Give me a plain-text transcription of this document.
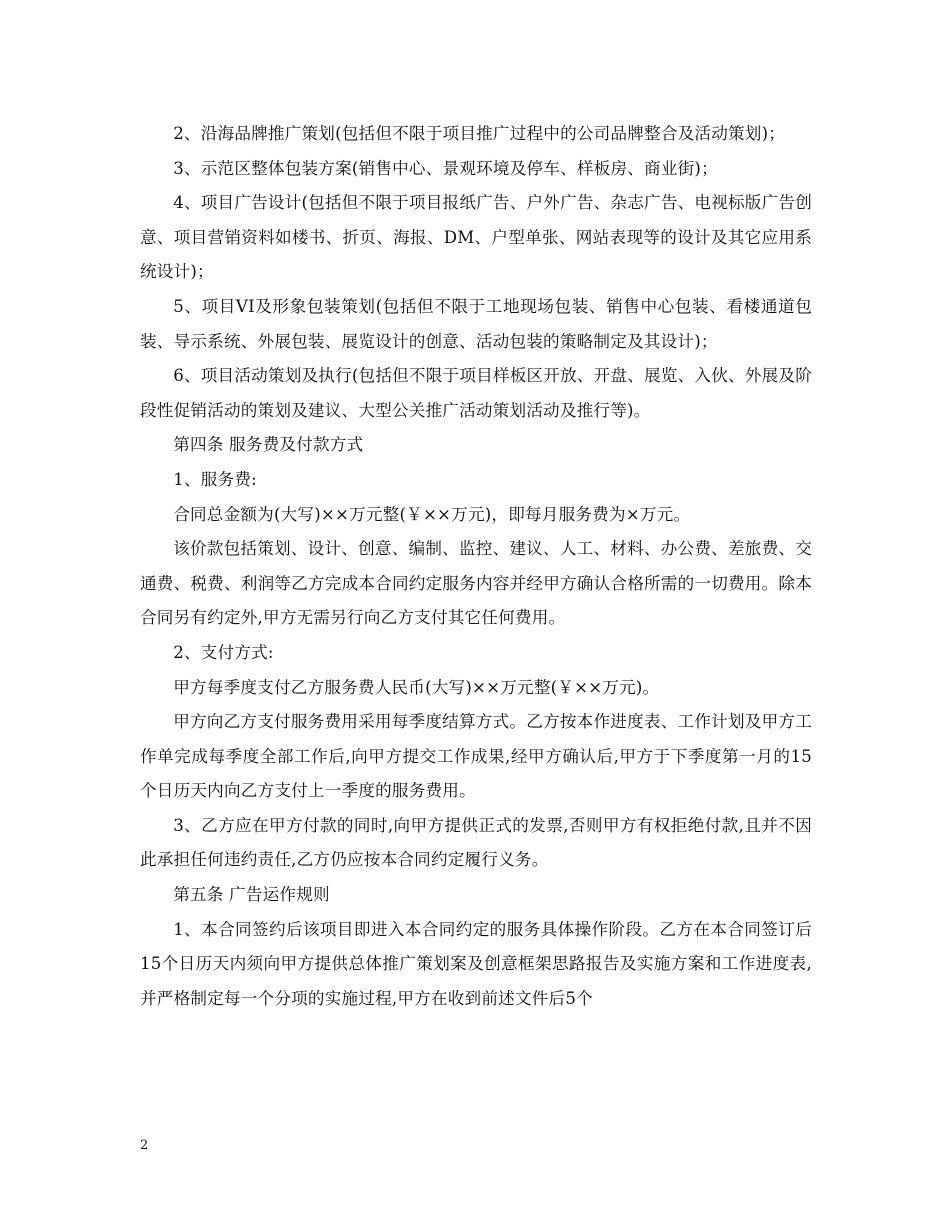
2、沿海品牌推广策划(包括但不限于项目推广过程中的公司品牌整合及活动策划)；

3、示范区整体包装方案(销售中心、景观环境及停车、样板房、商业街)；

4、项目广告设计(包括但不限于项目报纸广告、户外广告、杂志广告、电视标版广告创意、项目营销资料如楼书、折页、海报、DM、户型单张、网站表现等的设计及其它应用系统设计)；

5、项目VI及形象包装策划(包括但不限于工地现场包装、销售中心包装、看楼通道包装、导示系统、外展包装、展览设计的创意、活动包装的策略制定及其设计)；

6、项目活动策划及执行(包括但不限于项目样板区开放、开盘、展览、入伙、外展及阶段性促销活动的策划及建议、大型公关推广活动策划活动及推行等)。

第四条 服务费及付款方式

1、服务费:

合同总金额为(大写)××万元整(￥××万元)，即每月服务费为×万元。

该价款包括策划、设计、创意、编制、监控、建议、人工、材料、办公费、差旅费、交通费、税费、利润等乙方完成本合同约定服务内容并经甲方确认合格所需的一切费用。除本合同另有约定外,甲方无需另行向乙方支付其它任何费用。

2、支付方式:

甲方每季度支付乙方服务费人民币(大写)××万元整(￥××万元)。

甲方向乙方支付服务费用采用每季度结算方式。乙方按本作进度表、工作计划及甲方工作单完成每季度全部工作后,向甲方提交工作成果,经甲方确认后,甲方于下季度第一月的15个日历天内向乙方支付上一季度的服务费用。

3、乙方应在甲方付款的同时,向甲方提供正式的发票,否则甲方有权拒绝付款,且并不因此承担任何违约责任,乙方仍应按本合同约定履行义务。

第五条 广告运作规则

1、本合同签约后该项目即进入本合同约定的服务具体操作阶段。乙方在本合同签订后15个日历天内须向甲方提供总体推广策划案及创意框架思路报告及实施方案和工作进度表,并严格制定每一个分项的实施过程,甲方在收到前述文件后5个

2
